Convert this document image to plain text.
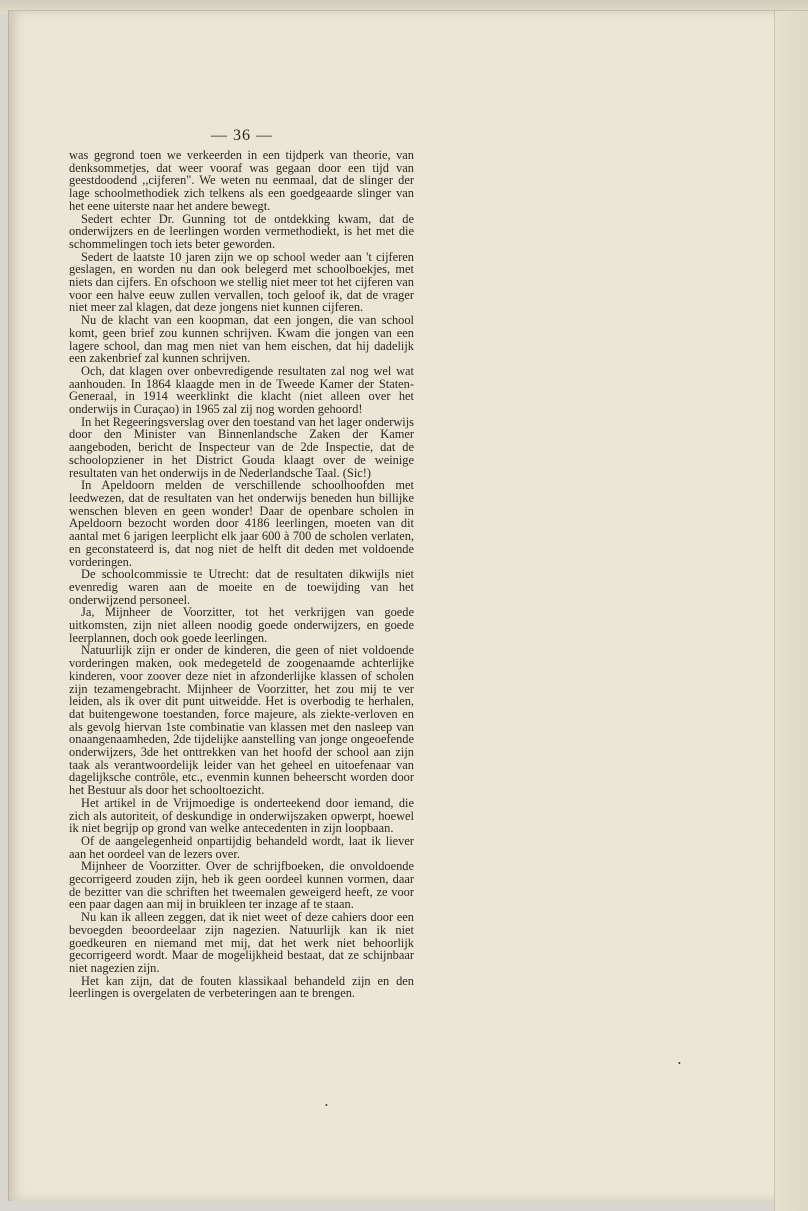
— 36 —

was gegrond toen we verkeerden in een tijdperk van theorie, van denksommetjes, dat weer vooraf was gegaan door een tijd van geestdoodend ,,cijferen". We weten nu eenmaal, dat de slinger der lage schoolmethodiek zich telkens als een goedgeaarde slinger van het eene uiterste naar het andere bewegt.

Sedert echter Dr. Gunning tot de ontdekking kwam, dat de onderwijzers en de leerlingen worden vermethodiekt, is het met die schommelingen toch iets beter geworden.

Sedert de laatste 10 jaren zijn we op school weder aan 't cijferen geslagen, en worden nu dan ook belegerd met schoolboekjes, met niets dan cijfers. En ofschoon we stellig niet meer tot het cijferen van voor een halve eeuw zullen vervallen, toch geloof ik, dat de vrager niet meer zal klagen, dat deze jongens niet kunnen cijferen.

Nu de klacht van een koopman, dat een jongen, die van school komt, geen brief zou kunnen schrijven. Kwam die jongen van een lagere school, dan mag men niet van hem eischen, dat hij dadelijk een zakenbrief zal kunnen schrijven.

Och, dat klagen over onbevredigende resultaten zal nog wel wat aanhouden. In 1864 klaagde men in de Tweede Kamer der Staten-Generaal, in 1914 weerklinkt die klacht (niet alleen over het onderwijs in Curaçao) in 1965 zal zij nog worden gehoord!

In het Regeeringsverslag over den toestand van het lager onderwijs door den Minister van Binnenlandsche Zaken der Kamer aangeboden, bericht de Inspecteur van de 2de Inspectie, dat de schoolopziener in het District Gouda klaagt over de weinige resultaten van het onderwijs in de Nederlandsche Taal. (Sic!)

In Apeldoorn melden de verschillende schoolhoofden met leedwezen, dat de resultaten van het onderwijs beneden hun billijke wenschen bleven en geen wonder! Daar de openbare scholen in Apeldoorn bezocht worden door 4186 leerlingen, moeten van dit aantal met 6 jarigen leerplicht elk jaar 600 à 700 de scholen verlaten, en geconstateerd is, dat nog niet de helft dit deden met voldoende vorderingen.

De schoolcommissie te Utrecht: dat de resultaten dikwijls niet evenredig waren aan de moeite en de toewijding van het onderwijzend personeel.

Ja, Mijnheer de Voorzitter, tot het verkrijgen van goede uitkomsten, zijn niet alleen noodig goede onderwijzers, en goede leerplannen, doch ook goede leerlingen.

Natuurlijk zijn er onder de kinderen, die geen of niet voldoende vorderingen maken, ook medegeteld de zoogenaamde achterlijke kinderen, voor zoover deze niet in afzonderlijke klassen of scholen zijn tezamengebracht. Mijnheer de Voorzitter, het zou mij te ver leiden, als ik over dit punt uitweidde. Het is overbodig te herhalen, dat buitengewone toestanden, force majeure, als ziekte-verloven en als gevolg hiervan 1ste combinatie van klassen met den nasleep van onaangenaamheden, 2de tijdelijke aanstelling van jonge ongeoefende onderwijzers, 3de het onttrekken van het hoofd der school aan zijn taak als verantwoordelijk leider van het geheel en uitoefenaar van dagelijksche contrôle, etc., evenmin kunnen beheerscht worden door het Bestuur als door het schooltoezicht.

Het artikel in de Vrijmoedige is onderteekend door iemand, die zich als autoriteit, of deskundige in onderwijszaken opwerpt, hoewel ik niet begrijp op grond van welke antecedenten in zijn loopbaan.

Of de aangelegenheid onpartijdig behandeld wordt, laat ik liever aan het oordeel van de lezers over.

Mijnheer de Voorzitter. Over de schrijfboeken, die onvoldoende gecorrigeerd zouden zijn, heb ik geen oordeel kunnen vormen, daar de bezitter van die schriften het tweemalen geweigerd heeft, ze voor een paar dagen aan mij in bruikleen ter inzage af te staan.

Nu kan ik alleen zeggen, dat ik niet weet of deze cahiers door een bevoegden beoordeelaar zijn nagezien. Natuurlijk kan ik niet goedkeuren en niemand met mij, dat het werk niet behoorlijk gecorrigeerd wordt. Maar de mogelijkheid bestaat, dat ze schijnbaar niet nagezien zijn.

Het kan zijn, dat de fouten klassikaal behandeld zijn en den leerlingen is overgelaten de verbeteringen aan te brengen.

•
•
